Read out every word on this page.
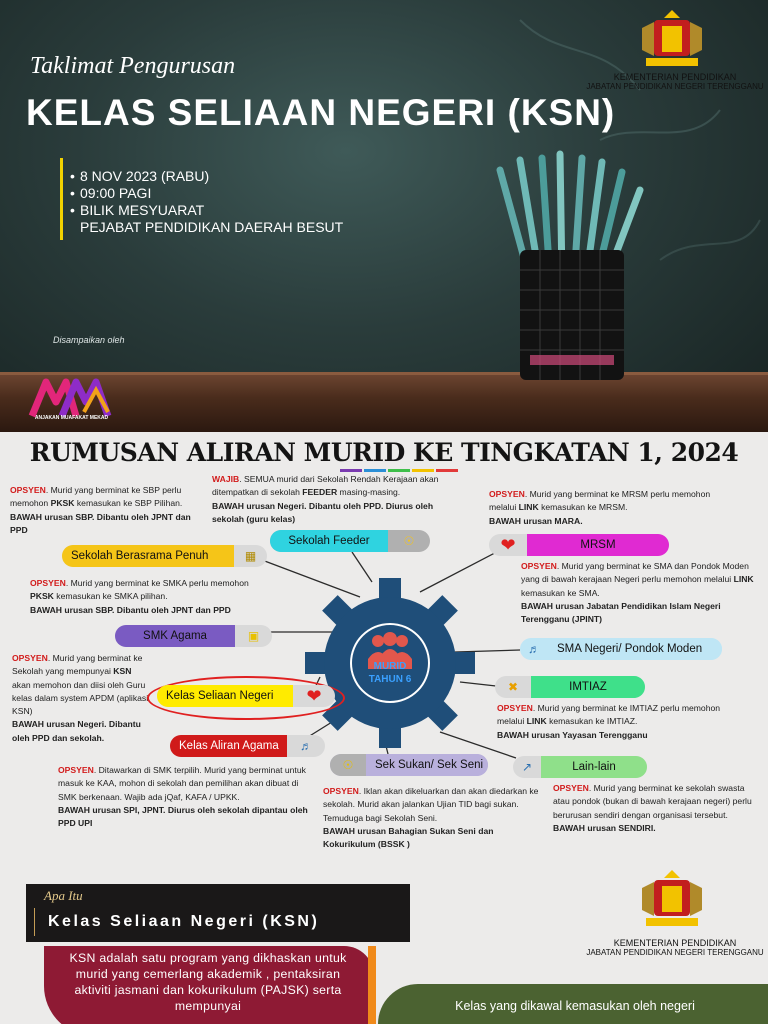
Taklimat Pengurusan
KELAS SELIAAN NEGERI (KSN)
• 8 NOV 2023 (RABU)
• 09:00 PAGI
• BILIK MESYUARAT
PEJABAT PENDIDIKAN DAERAH BESUT
Disampaikan oleh
ANJAKAN MUAFAKAT MEKAD
KEMENTERIAN PENDIDIKAN
JABATAN PENDIDIKAN NEGERI TERENGGANU
RUMUSAN ALIRAN MURID KE TINGKATAN 1, 2024
MURID
TAHUN 6
OPSYEN. Murid yang berminat ke SBP perlu memohon PKSK kemasukan ke SBP Pilihan.
BAWAH urusan SBP. Dibantu oleh JPNT dan PPD
WAJIB. SEMUA murid dari Sekolah Rendah Kerajaan akan ditempatkan di sekolah FEEDER masing-masing.
BAWAH urusan Negeri. Dibantu oleh PPD. Diurus oleh sekolah (guru kelas)
OPSYEN. Murid yang berminat ke MRSM perlu memohon melalui LINK kemasukan ke MRSM.
BAWAH urusan MARA.
OPSYEN. Murid yang berminat ke SMKA perlu memohon PKSK kemasukan ke SMKA pilihan.
BAWAH urusan SBP. Dibantu oleh JPNT dan PPD
OPSYEN. Murid yang berminat ke SMA dan Pondok Moden yang di bawah kerajaan Negeri perlu memohon melalui LINK kemasukan ke SMA.
BAWAH urusan Jabatan Pendidikan Islam Negeri Terengganu (JPINT)
OPSYEN. Murid yang berminat ke Sekolah yang mempunyai KSN akan memohon dan diisi oleh Guru kelas dalam system APDM (aplikasi KSN)
BAWAH urusan Negeri. Dibantu oleh PPD dan sekolah.
OPSYEN. Murid yang berminat ke IMTIAZ perlu memohon melalui LINK kemasukan ke IMTIAZ.
BAWAH urusan Yayasan Terengganu
OPSYEN. Ditawarkan di SMK terpilih. Murid yang berminat untuk masuk ke KAA, mohon di sekolah dan pemilihan akan dibuat di SMK berkenaan. Wajib ada jQaf, KAFA / UPKK.
BAWAH urusan SPI, JPNT. Diurus oleh sekolah dipantau oleh PPD UPI
OPSYEN. Iklan akan dikeluarkan dan akan diedarkan ke sekolah. Murid akan jalankan Ujian TID bagi sukan. Temuduga bagi Sekolah Seni.
BAWAH urusan Bahagian Sukan Seni dan Kokurikulum (BSSK )
OPSYEN. Murid yang berminat ke sekolah swasta atau pondok (bukan di bawah kerajaan negeri) perlu berurusan sendiri dengan organisasi tersebut.
BAWAH urusan SENDIRI.
Sekolah Berasrama Penuh	▦
Sekolah Feeder	☉	❤	MRSM
SMK Agama	▣
♬	SMA Negeri/ Pondok Moden
Kelas Seliaan Negeri	❤	✖	IMTIAZ
Kelas Aliran Agama	♬
☉	Sek Sukan/ Sek Seni	↗	Lain-lain
Apa Itu
Kelas Seliaan Negeri (KSN)
KEMENTERIAN PENDIDIKAN
JABATAN PENDIDIKAN NEGERI TERENGGANU
KSN adalah satu program yang dikhaskan untuk murid yang cemerlang akademik , pentaksiran aktiviti jasmani dan kokurikulum (PAJSK) serta mempunyai	Kelas yang dikawal kemasukan oleh negeri
